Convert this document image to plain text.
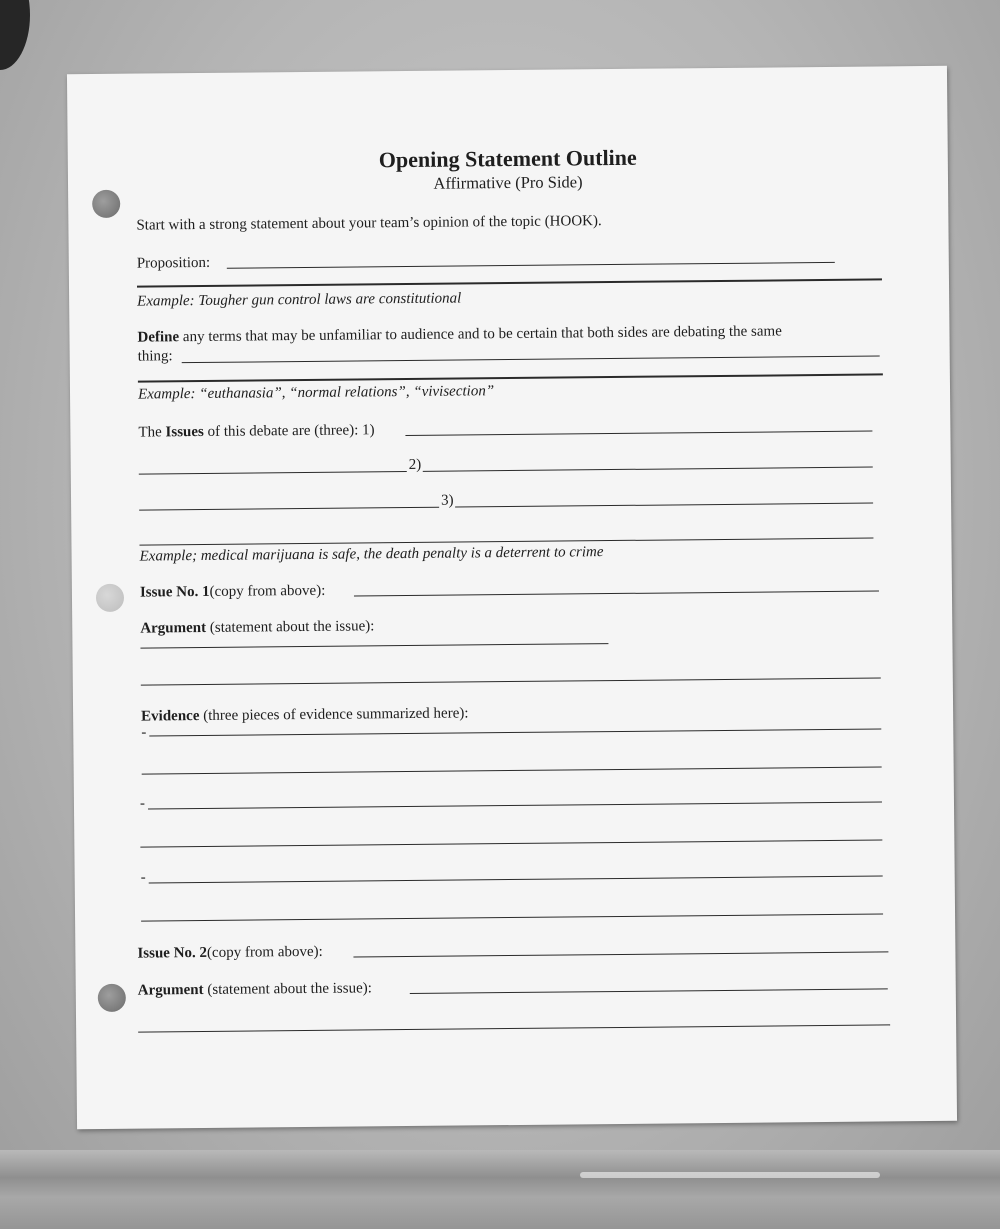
Opening Statement Outline
Affirmative (Pro Side)
Start with a strong statement about your team’s opinion of the topic (HOOK).
Proposition:
Example: Tougher gun control laws are constitutional
Define any terms that may be unfamiliar to audience and to be certain that both sides are debating the same
thing:
Example: “euthanasia”, “normal relations”, “vivisection”
The Issues of this debate are (three): 1)
2)
3)
Example; medical marijuana is safe, the death penalty is a deterrent to crime
Issue No. 1(copy from above):
Argument (statement about the issue):
Evidence (three pieces of evidence summarized here):
-
-
-
Issue No. 2(copy from above):
Argument (statement about the issue):
